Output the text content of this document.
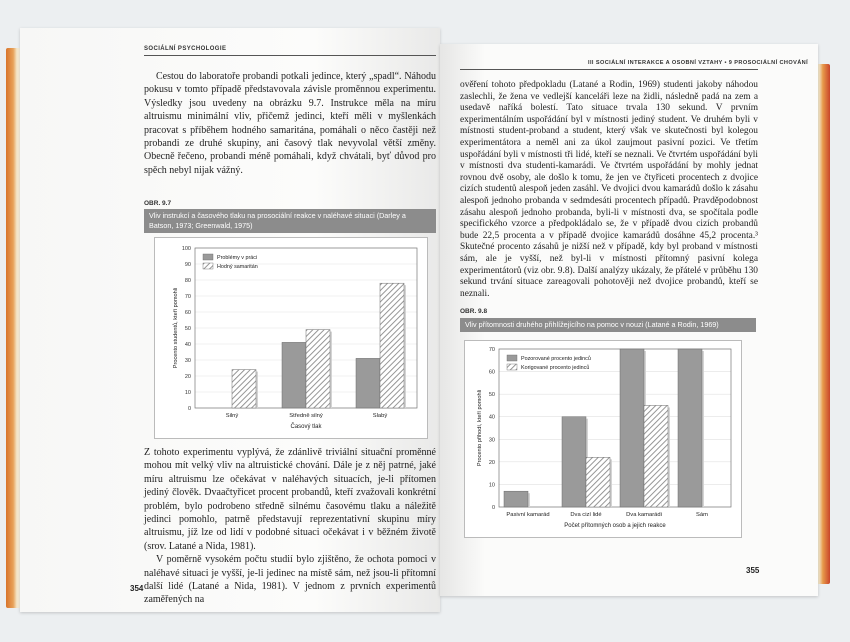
SOCIÁLNÍ PSYCHOLOGIE

Cestou do laboratoře probandi potkali jedince, který „spadl“. Náhodu pokusu v tomto případě představovala závisle proměnnou experimentu. Výsledky jsou uvedeny na obrázku 9.7. Instrukce měla na míru altruismu minimální vliv, přičemž jedinci, kteří měli v myšlenkách pracovat s příběhem hodného samaritána, pomáhali o něco častěji než probandi ze druhé skupiny, ani časový tlak nevyvolal větší změny. Obecně řečeno, probandi méně pomáhali, když chvátali, byť důvod pro spěch nebyl nijak vážný.

OBR. 9.7
Vliv instrukcí a časového tlaku na prosociální reakce v naléhavé situaci (Darley a Batson, 1973; Greenwald, 1975)
0
10
20
30
40
50
60
70
80
90
100
Silný	Středně silný	Slabý
Časový tlak
Procento studentů, kteří pomohli
Problémy v práci
Hodný samaritán

Z tohoto experimentu vyplývá, že zdánlivě triviální situační proměnné mohou mít velký vliv na altruistické chování. Dále je z něj patrné, jaké míru altruismu lze očekávat v naléhavých situacích, je-li přítomen jediný člověk. Dvaačtyřicet procent probandů, kteří zvažovali konkrétní problém, bylo podrobeno středně silnému časovému tlaku a náležitě jedinci pomohlo, patrně představují reprezentativní skupinu míry altruismu, jíž lze od lidí v podobné situaci očekávat i v běžném životě (srov. Latané a Nida, 1981).

V poměrně vysokém počtu studií bylo zjištěno, že ochota pomoci v naléhavé situaci je vyšší, je-li jedinec na místě sám, než jsou-li přítomní další lidé (Latané a Nida, 1981). V jednom z prvních experimentů zaměřených na

354
III SOCIÁLNÍ INTERAKCE A OSOBNÍ VZTAHY • 9 PROSOCIÁLNÍ CHOVÁNÍ

ověření tohoto předpokladu (Latané a Rodin, 1969) studenti jakoby náhodou zaslechli, že žena ve vedlejší kanceláři leze na židli, následně padá na zem a usedavě naříká bolestí. Tato situace trvala 130 sekund. V prvním experimentálním uspořádání byl v místnosti jediný student. Ve druhém byli v místnosti student-proband a student, který však ve skutečnosti byl kolegou experimentátora a neměl ani za úkol zaujmout pasivní pozici. Ve třetím uspořádání byli v místnosti tři lidé, kteří se neznali. Ve čtvrtém uspořádání byli v místnosti dva studenti-kamarádi. Ve čtvrtém uspořádání by mohly jednat rovnou dvě osoby, ale došlo k tomu, že jen ve čtyřiceti procentech z dvojice cizích studentů alespoň jeden zasáhl. Ve dvojici dvou kamarádů došlo k zásahu alespoň jednoho probanda v sedmdesáti procentech případů. Pravděpodobnost zásahu alespoň jednoho probanda, byli-li v místnosti dva, se spočítala podle specifického vzorce a předpokládalo se, že v případě dvou cizích probandů bude 22,5 procenta a v případě dvojice kamarádů dosáhne 45,2 procenta.³ Skutečné procento zásahů je nižší než v případě, kdy byl proband v místnosti sám, ale je vyšší, než byl-li v místnosti přítomný pasivní kolega experimentátorů (viz obr. 9.8). Další analýzy ukázaly, že přátelé v průběhu 130 sekund trvání situace zareagovali pohotověji než dvojice probandů, kteří se neznali.

OBR. 9.8
Vliv přítomnosti druhého přihlížejícího na pomoc v nouzi (Latané a Rodin, 1969)
0
10
20
30
40
50
60
70
Pasivní kamarád	Dva cizí lidé	Dva kamarádi	Sám
Počet přítomných osob a jejich reakce
Procento přihodí, kteří pomohli
Pozorované procento jedinců
Korigované procento jedinců
355
